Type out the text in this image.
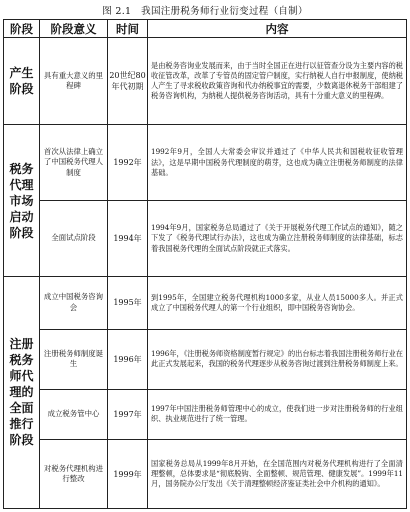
图 2.1　我国注册税务师行业衍变过程（自制）
阶段	阶段意义	时间	内容
产生阶段	具有重大意义的里程碑	20世纪80年代初期	是由税务咨询业发展而来，由于当时全国正在进行以征管查分设为主要内容的税收征管改革，改革了专管员的固定管户制度，实行纳税人自行申报制度，使纳税人产生了寻求税收政策咨询和代办纳税事宜的需要，少数离退休税务干部组建了税务咨询机构，为纳税人提供税务咨询活动，具有十分重大意义的里程碑。
税务代理市场启动阶段	首次从法律上确立了中国税务代理人制度	1992年	1992年9月，全国人大常委会审议并通过了《中华人民共和国税收征收管理法》，这是早期中国税务代理制度的萌芽，这也成为确立注册税务师制度的法律基础。
	全面试点阶段	1994年	1994年9月，国家税务总局通过了《关于开展税务代理工作试点的通知》，随之下发了《税务代理试行办法》，这也成为确立注册税务师制度的法律基础，标志着我国税务代理的全面试点阶段就正式落实。
注册税务师代理的全面推行阶段	成立中国税务咨询会	1995年	到1995年，全国建立税务代理机构1000多家，从业人员15000多人。并正式成立了中国税务代理人的第一个行业组织，即中国税务咨询协会。
	注册税务师制度诞生	1996年	1996年，《注册税务师资格制度暂行规定》的出台标志着我国注册税务师行业在此正式发展起来，我国的税务代理逐步从税务咨询过渡到注册税务师制度上来。
	成立税务管中心	1997年	1997年中国注册税务师管理中心的成立，使我们进一步对注册税务师的行业组织、执业规范进行了统一管理。
	对税务代理机构进行整改	1999年	国家税务总局从1999年8月开始，在全国范围内对税务代理机构进行了全面清理整顿，总体要求是“彻底脱钩、全面整顿、规范管理、健康发展”。1999年11月，国务院办公厅发出《关于清理整顿经济鉴证类社会中介机构的通知》。
